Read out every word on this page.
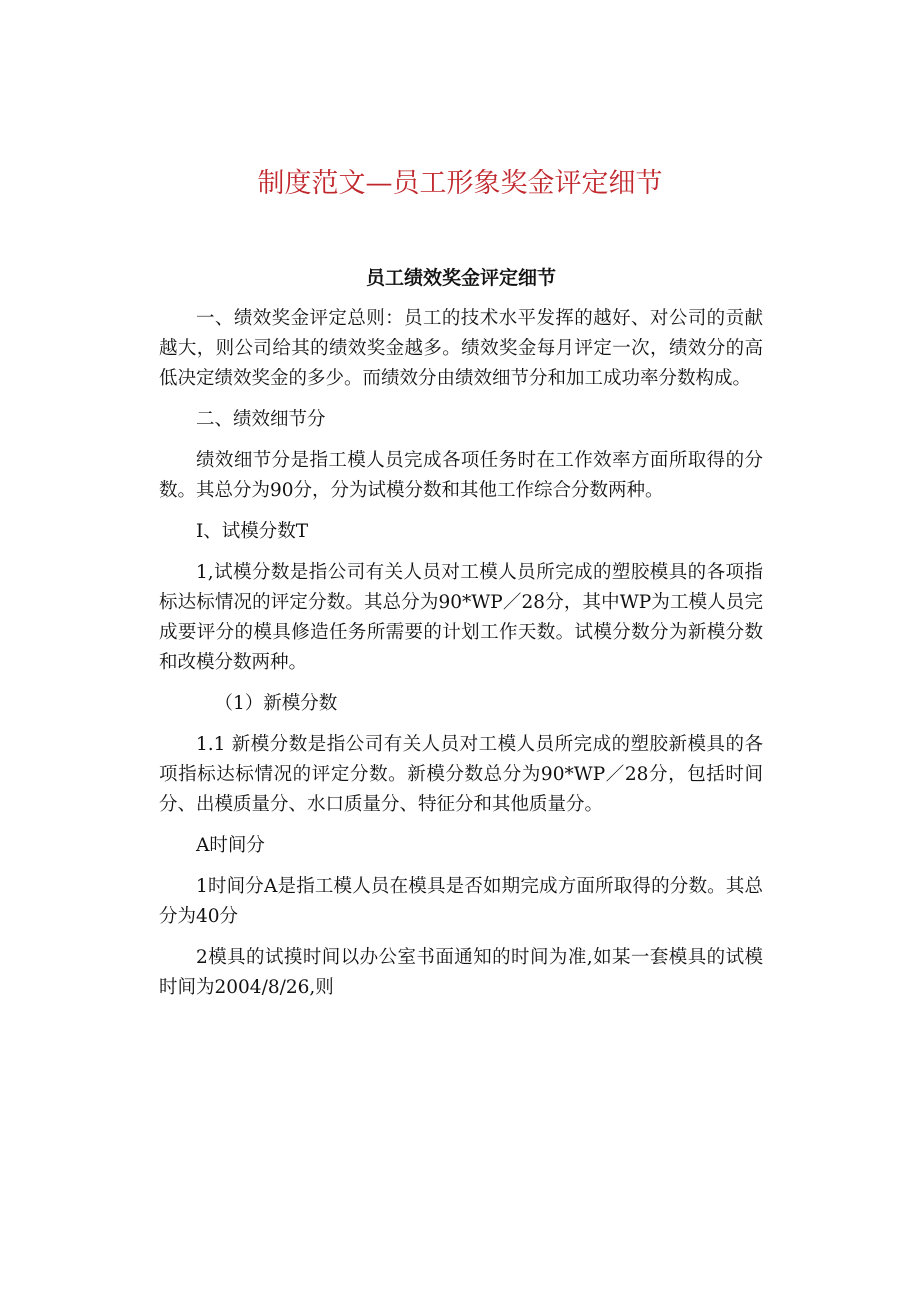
制度范文—员工形象奖金评定细节
员工绩效奖金评定细节

一、绩效奖金评定总则：员工的技术水平发挥的越好、对公司的贡献越大，则公司给其的绩效奖金越多。绩效奖金每月评定一次，绩效分的高低决定绩效奖金的多少。而绩效分由绩效细节分和加工成功率分数构成。

二、绩效细节分

绩效细节分是指工模人员完成各项任务时在工作效率方面所取得的分数。其总分为90分，分为试模分数和其他工作综合分数两种。

I、试模分数T

1,试模分数是指公司有关人员对工模人员所完成的塑胶模具的各项指标达标情况的评定分数。其总分为90*WP／28分，其中WP为工模人员完成要评分的模具修造任务所需要的计划工作天数。试模分数分为新模分数和改模分数两种。

（1）新模分数

1.1 新模分数是指公司有关人员对工模人员所完成的塑胶新模具的各项指标达标情况的评定分数。新模分数总分为90*WP／28分，包括时间分、出模质量分、水口质量分、特征分和其他质量分。

A时间分

1时间分A是指工模人员在模具是否如期完成方面所取得的分数。其总分为40分

2模具的试摸时间以办公室书面通知的时间为准,如某一套模具的试模时间为2004/8/26,则
